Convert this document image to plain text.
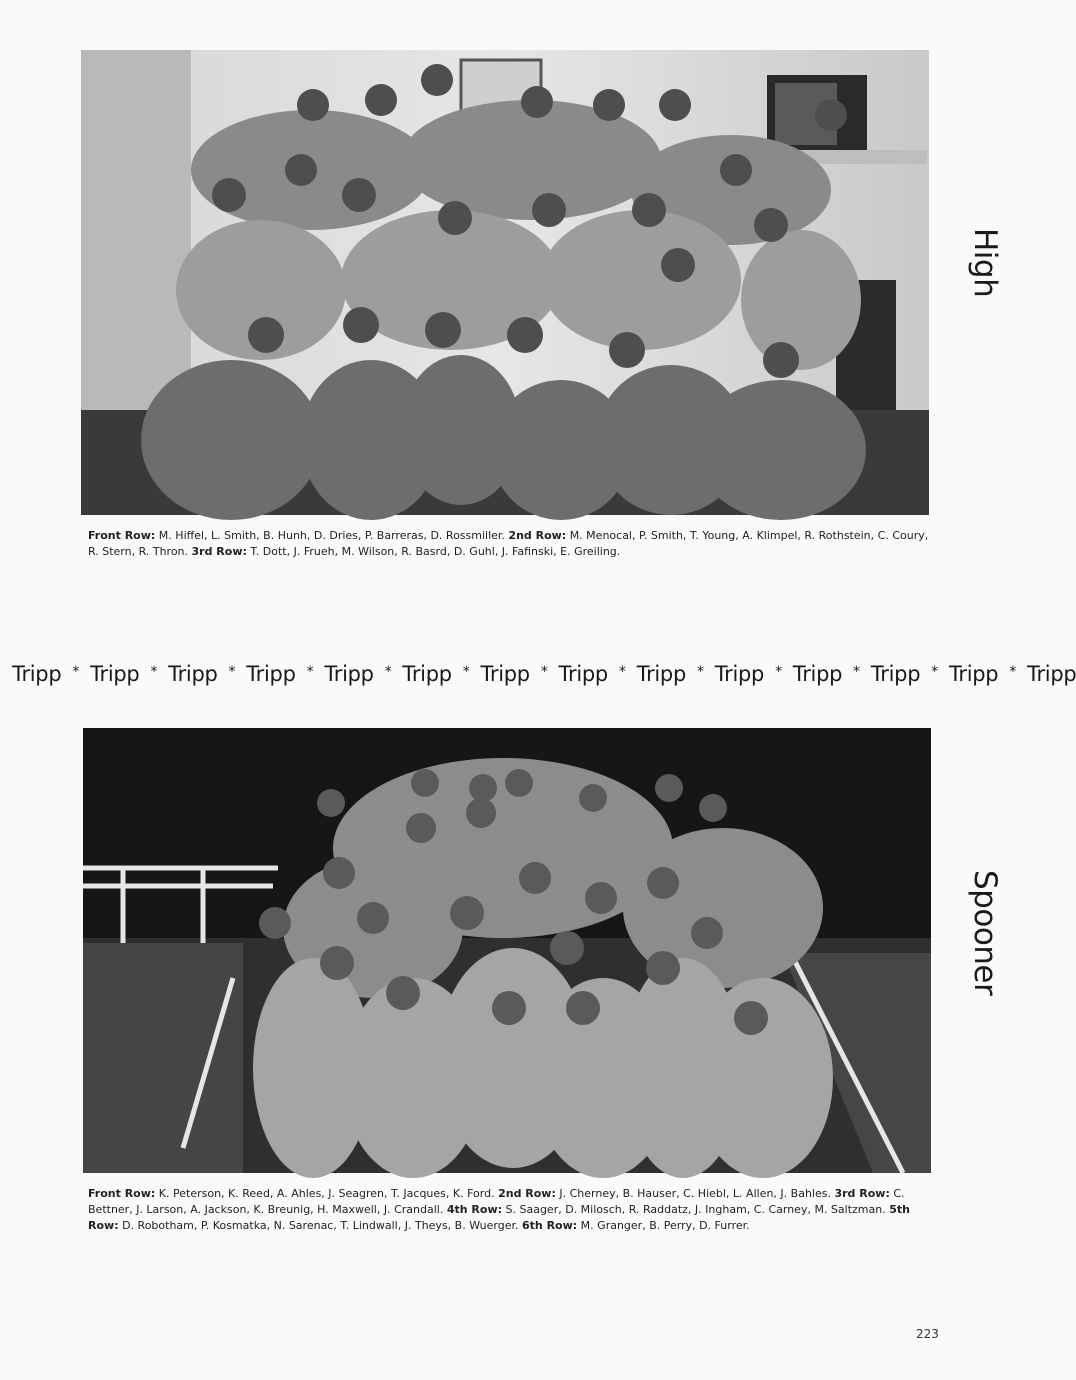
Front Row: M. Hiffel, L. Smith, B. Hunh, D. Dries, P. Barreras, D. Rossmiller. 2nd Row: M. Menocal, P. Smith, T. Young, A. Klimpel, R. Rothstein, C. Coury, R. Stern, R. Thron. 3rd Row: T. Dott, J. Frueh, M. Wilson, R. Basrd, D. Guhl, J. Fafinski, E. Greiling.
High
Tripp * Tripp * Tripp * Tripp * Tripp * Tripp * Tripp * Tripp * Tripp * Tripp * Tripp * Tripp * Tripp * Tripp
Front Row: K. Peterson, K. Reed, A. Ahles, J. Seagren, T. Jacques, K. Ford. 2nd Row: J. Cherney, B. Hauser, C. Hiebl, L. Allen, J. Bahles. 3rd Row: C. Bettner, J. Larson, A. Jackson, K. Breunig, H. Maxwell, J. Crandall. 4th Row: S. Saager, D. Milosch, R. Raddatz, J. Ingham, C. Carney, M. Saltzman. 5th Row: D. Robotham, P. Kosmatka, N. Sarenac, T. Lindwall, J. Theys, B. Wuerger. 6th Row: M. Granger, B. Perry, D. Furrer.
Spooner
223
